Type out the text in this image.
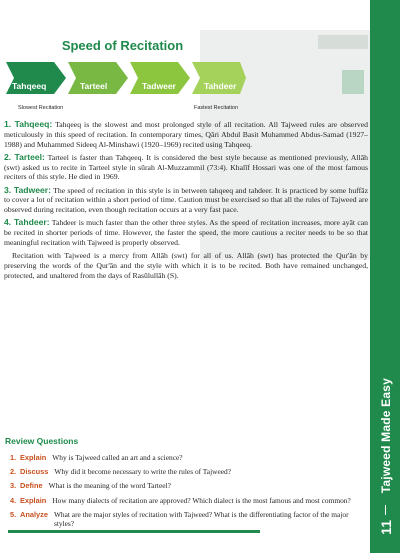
Tajweed Made Easy
11
Speed of Recitation
Tahqeeq	Tarteel	Tadweer	Tahdeer
Slowest Recitation	Fastest Recitation

1. Tahqeeq: Tahqeeq is the slowest and most prolonged style of all recitation. All Tajweed rules are observed meticulously in this speed of recitation. In contemporary times, Qāri Abdul Basit Muhammed Abdus-Samad (1927–1988) and Muhammed Sideeq Al-Minshawi (1920–1969) recited using Tahqeeq.

2. Tarteel: Tarteel is faster than Tahqeeq. It is considered the best style because as mentioned previously, Allāh (swt) asked us to recite in Tarteel style in sūrah Al-Muzzammil (73:4). Khalīf Hossari was one of the most famous reciters of this style. He died in 1969.

3. Tadweer: The speed of recitation in this style is in between tahqeeq and tahdeer. It is practiced by some huffāz to cover a lot of recitation within a short period of time. Caution must be exercised so that all the rules of Tajweed are observed during recitation, even though recitation occurs at a very fast pace.

4. Tahdeer: Tahdeer is much faster than the other three styles. As the speed of recitation increases, more ayāt can be recited in shorter periods of time. However, the faster the speed, the more cautious a reciter needs to be so that meaningful recitation with Tajweed is properly observed.

Recitation with Tajweed is a mercy from Allāh (swt) for all of us. Allāh (swt) has protected the Qur'ān by preserving the words of the Qur'ān and the style with which it is to be recited. Both have remained unchanged, protected, and unaltered from the days of Rasūlullāh (S).

Review Questions
1. Explain Why is Tajweed called an art and a science?
2. Discuss Why did it become necessary to write the rules of Tajweed?
3. Define What is the meaning of the word Tarteel?
4. Explain How many dialects of recitation are approved? Which dialect is the most famous and most common?
5. Analyze What are the major styles of recitation with Tajweed? What is the differentiating factor of the major styles?
